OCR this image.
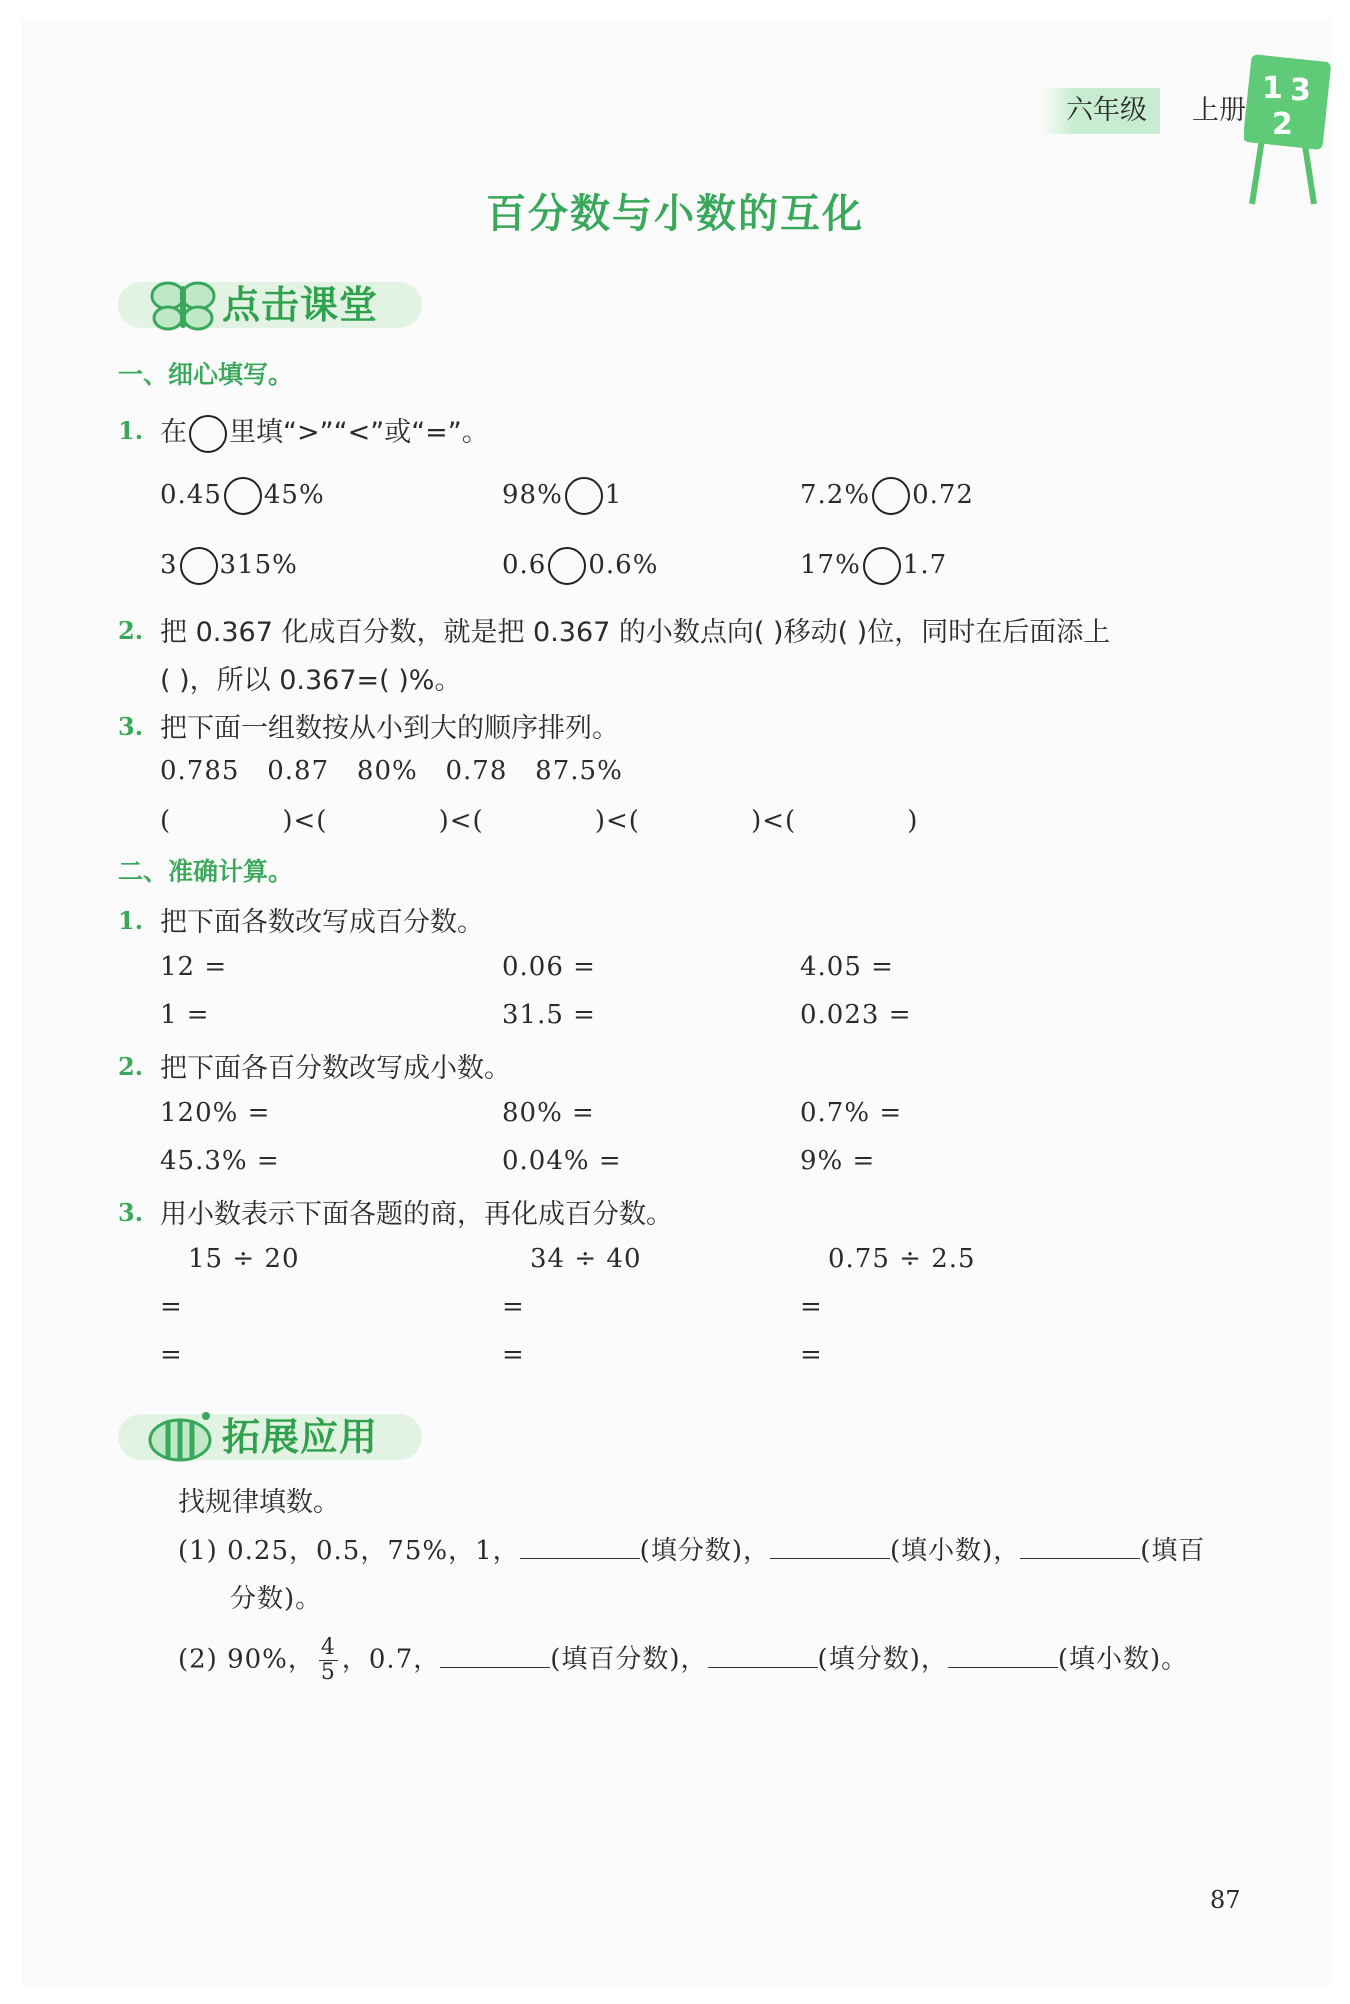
六年级	上册
1 3
2
百分数与小数的互化
点击课堂
一、细心填写。
1. 在 里填“>”“<”或“=”。
0.45 45%	98% 1	7.2% 0.72
3 315%	0.6 0.6%	17% 1.7
2. 把 0.367 化成百分数，就是把 0.367 的小数点向( )移动( )位，同时在后面添上
( )，所以 0.367=( )%。
3. 把下面一组数按从小到大的顺序排列。
0.785   0.87   80%   0.78   87.5%
(            )<(            )<(            )<(            )<(            )
二、准确计算。
1. 把下面各数改写成百分数。
12 =	0.06 =	4.05 =
1 =	31.5 =	0.023 =
2. 把下面各百分数改写成小数。
120% =	80% =	0.7% =
45.3% =	0.04% =	9% =
3. 用小数表示下面各题的商，再化成百分数。
15 ÷ 20	34 ÷ 40	0.75 ÷ 2.5
=	=	=
=	=	=
拓展应用
找规律填数。
(1) 0.25，0.5，75%，1，	(填分数)，	(填小数)，	(填百
分数)。
(2) 90%， $\frac{4}{5}$ ，0.7，	(填百分数)，	(填分数)，	(填小数)。
87
